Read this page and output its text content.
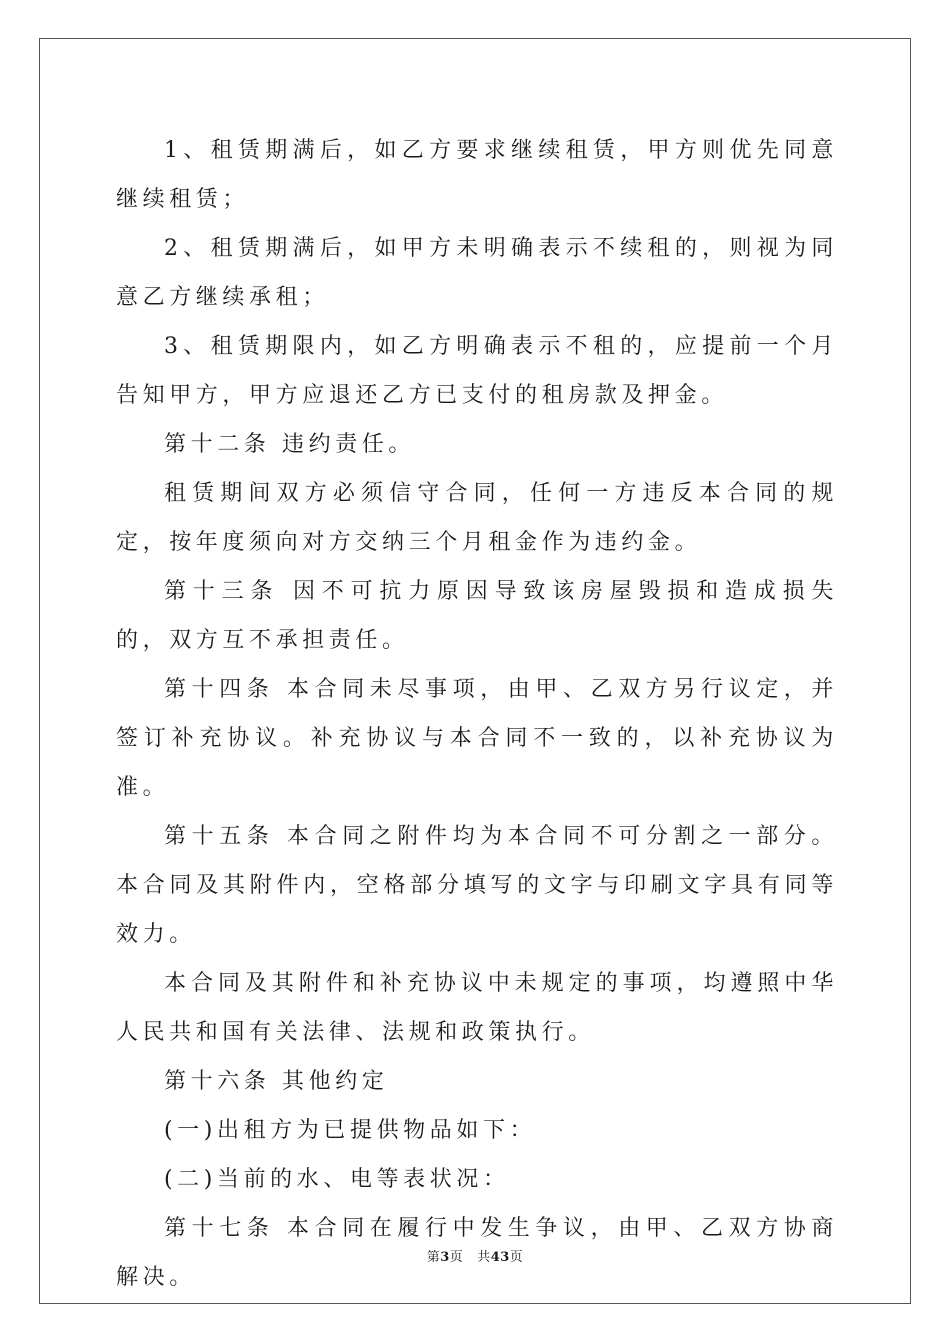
1、租赁期满后，如乙方要求继续租赁，甲方则优先同意继续租赁；

2、租赁期满后，如甲方未明确表示不续租的，则视为同意乙方继续承租；

3、租赁期限内，如乙方明确表示不租的，应提前一个月告知甲方，甲方应退还乙方已支付的租房款及押金。

第十二条 违约责任。

租赁期间双方必须信守合同，任何一方违反本合同的规定，按年度须向对方交纳三个月租金作为违约金。

第十三条 因不可抗力原因导致该房屋毁损和造成损失的，双方互不承担责任。

第十四条 本合同未尽事项，由甲、乙双方另行议定，并签订补充协议。补充协议与本合同不一致的，以补充协议为准。

第十五条 本合同之附件均为本合同不可分割之一部分。本合同及其附件内，空格部分填写的文字与印刷文字具有同等效力。

本合同及其附件和补充协议中未规定的事项，均遵照中华人民共和国有关法律、法规和政策执行。

第十六条 其他约定

(一)出租方为已提供物品如下：

(二)当前的水、电等表状况：

第十七条 本合同在履行中发生争议，由甲、乙双方协商解决。

第3页 共43页
